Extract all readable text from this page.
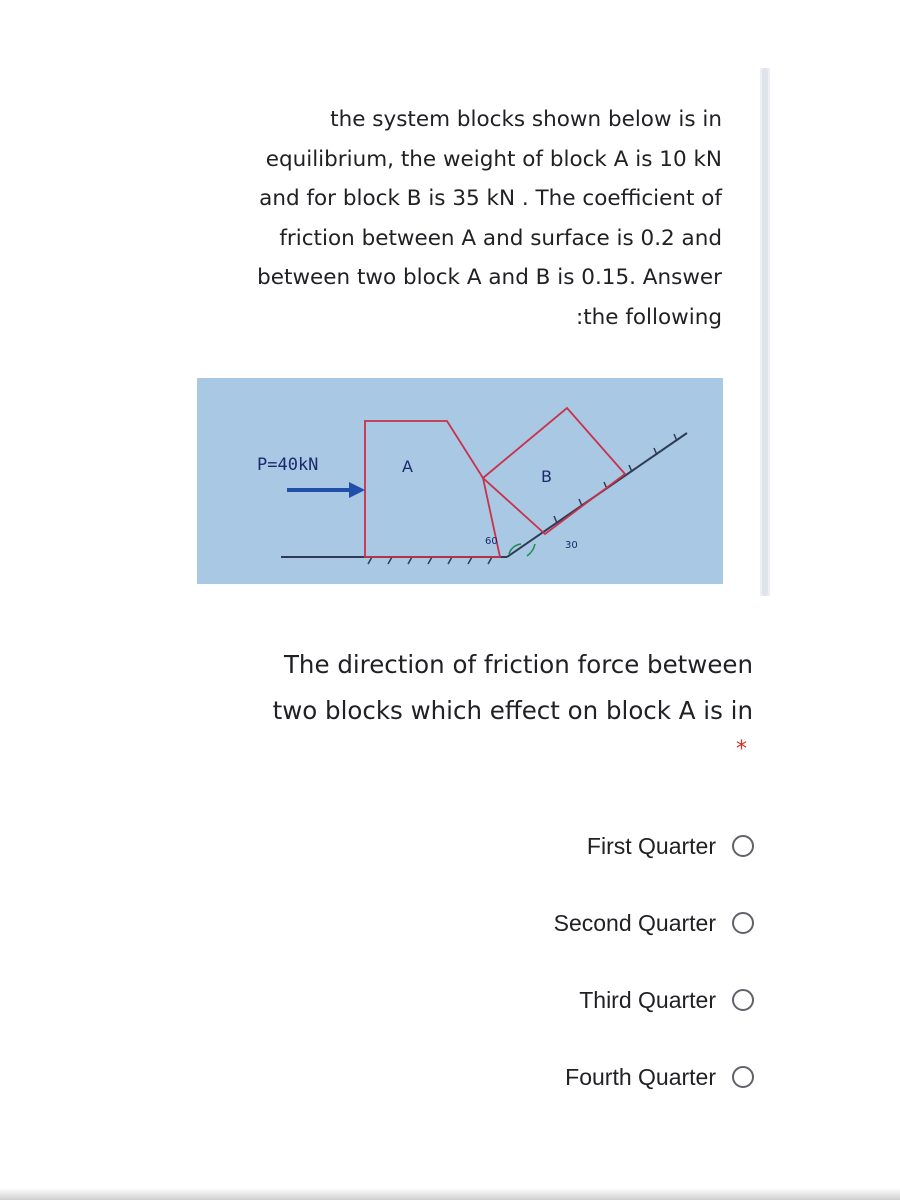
the system blocks shown below is in
equilibrium, the weight of block A is 10 kN
and for block B is 35 kN . The coefficient of
friction between A and surface is 0.2 and
between two block A and B is 0.15. Answer
:the following
P=40kN	A
B
60	30
The direction of friction force between
two blocks which effect on block A is in
*
First Quarter
Second Quarter
Third Quarter
Fourth Quarter
